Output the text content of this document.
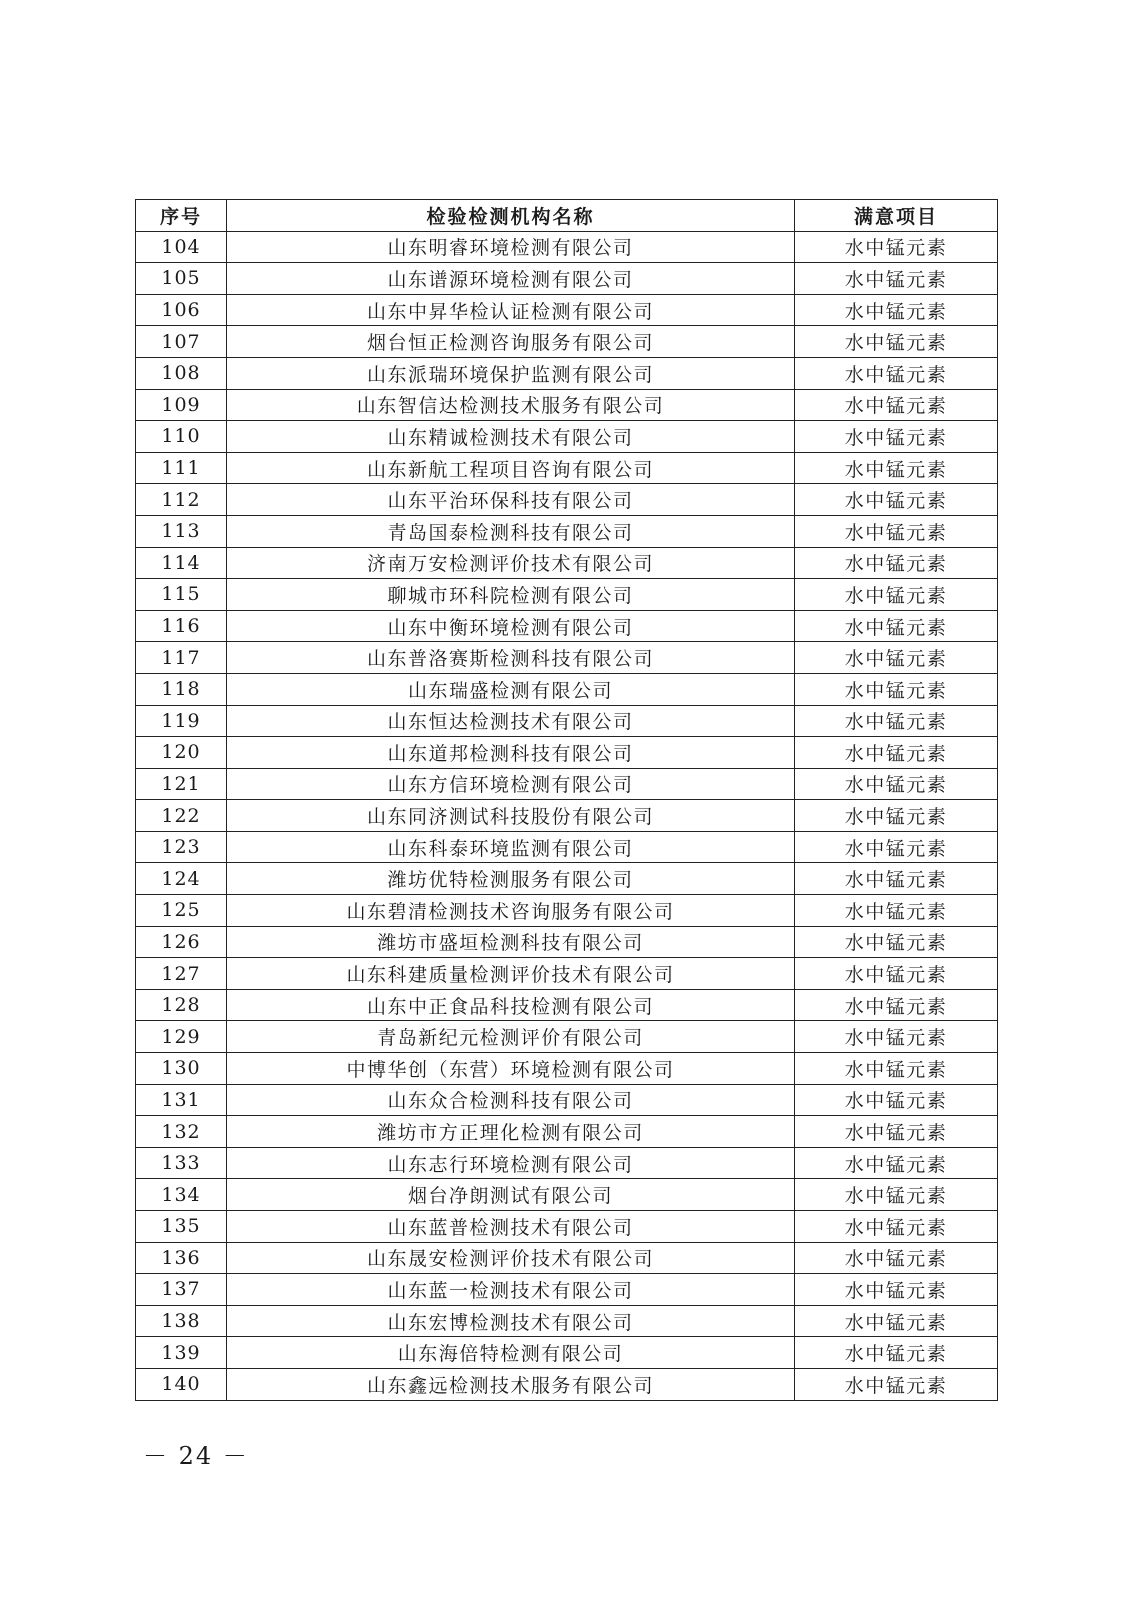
序号	检验检测机构名称	满意项目
104	山东明睿环境检测有限公司	水中锰元素
105	山东谱源环境检测有限公司	水中锰元素
106	山东中昇华检认证检测有限公司	水中锰元素
107	烟台恒正检测咨询服务有限公司	水中锰元素
108	山东派瑞环境保护监测有限公司	水中锰元素
109	山东智信达检测技术服务有限公司	水中锰元素
110	山东精诚检测技术有限公司	水中锰元素
111	山东新航工程项目咨询有限公司	水中锰元素
112	山东平治环保科技有限公司	水中锰元素
113	青岛国泰检测科技有限公司	水中锰元素
114	济南万安检测评价技术有限公司	水中锰元素
115	聊城市环科院检测有限公司	水中锰元素
116	山东中衡环境检测有限公司	水中锰元素
117	山东普洛赛斯检测科技有限公司	水中锰元素
118	山东瑞盛检测有限公司	水中锰元素
119	山东恒达检测技术有限公司	水中锰元素
120	山东道邦检测科技有限公司	水中锰元素
121	山东方信环境检测有限公司	水中锰元素
122	山东同济测试科技股份有限公司	水中锰元素
123	山东科泰环境监测有限公司	水中锰元素
124	潍坊优特检测服务有限公司	水中锰元素
125	山东碧清检测技术咨询服务有限公司	水中锰元素
126	潍坊市盛垣检测科技有限公司	水中锰元素
127	山东科建质量检测评价技术有限公司	水中锰元素
128	山东中正食品科技检测有限公司	水中锰元素
129	青岛新纪元检测评价有限公司	水中锰元素
130	中博华创（东营）环境检测有限公司	水中锰元素
131	山东众合检测科技有限公司	水中锰元素
132	潍坊市方正理化检测有限公司	水中锰元素
133	山东志行环境检测有限公司	水中锰元素
134	烟台净朗测试有限公司	水中锰元素
135	山东蓝普检测技术有限公司	水中锰元素
136	山东晟安检测评价技术有限公司	水中锰元素
137	山东蓝一检测技术有限公司	水中锰元素
138	山东宏博检测技术有限公司	水中锰元素
139	山东海倍特检测有限公司	水中锰元素
140	山东鑫远检测技术服务有限公司	水中锰元素
－ 24 －
